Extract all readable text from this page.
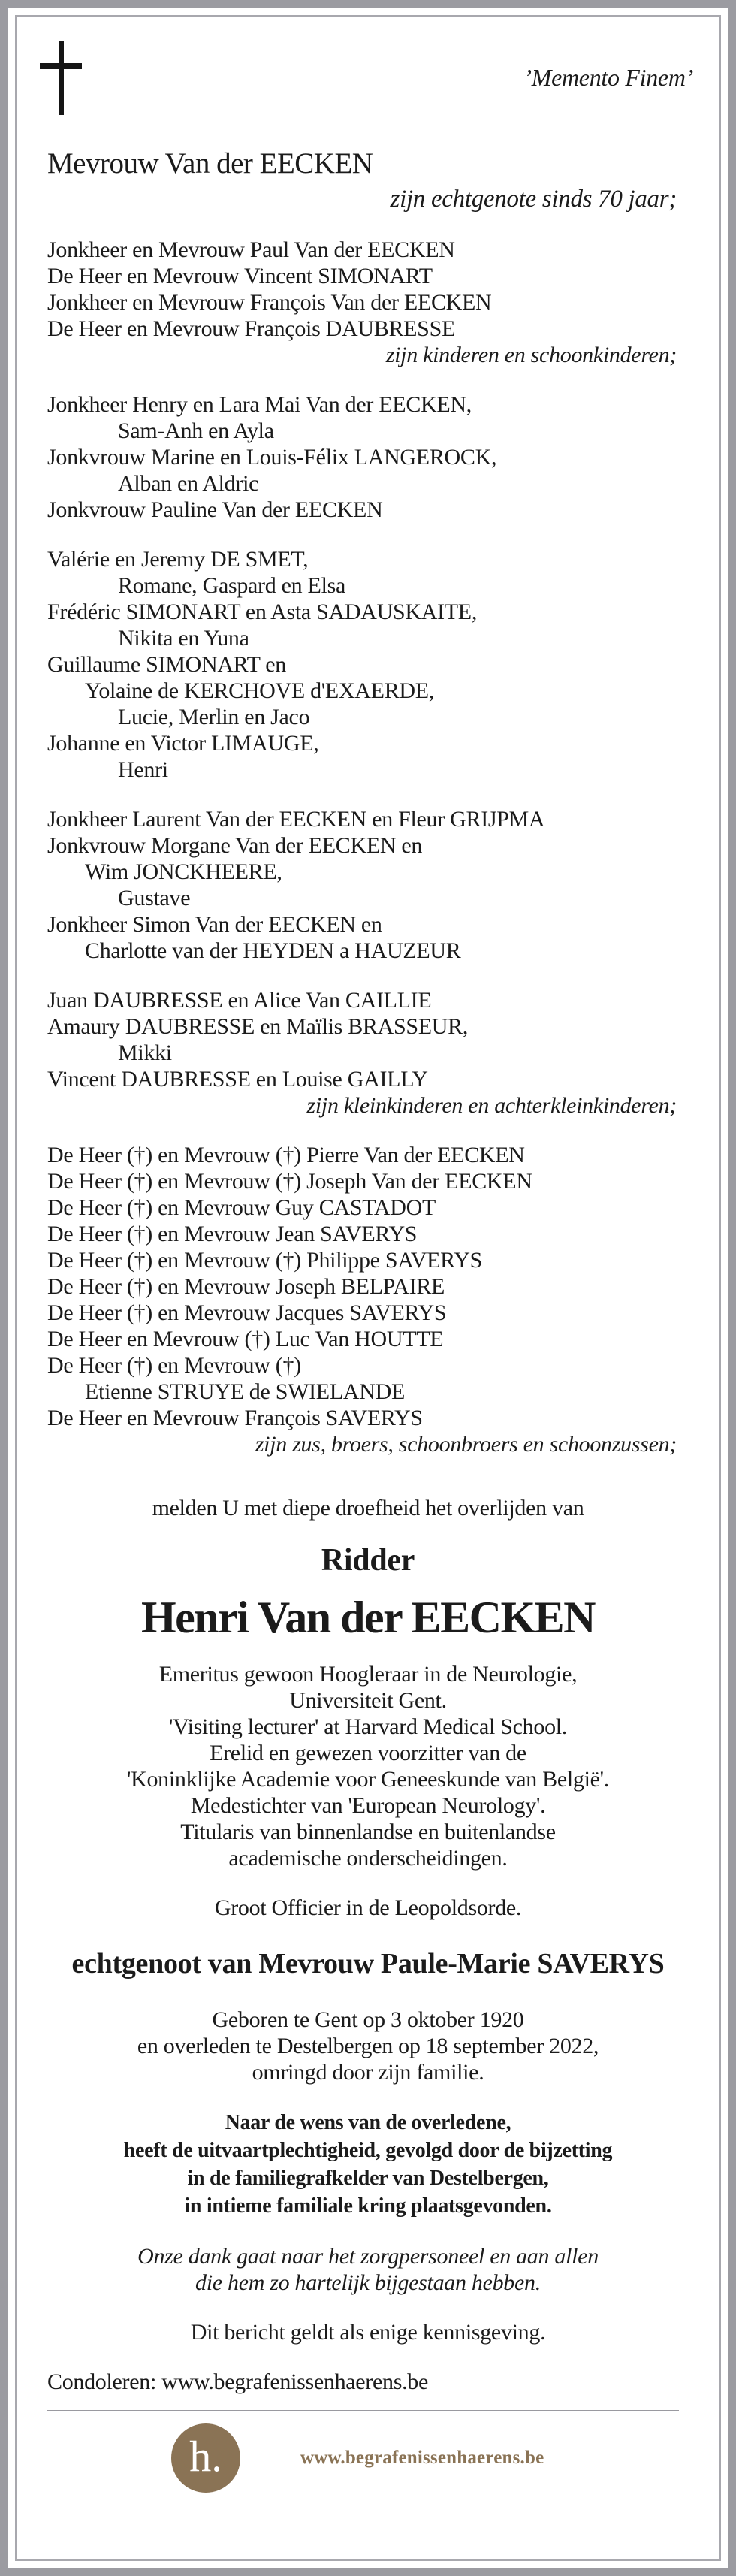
’Memento Finem’
Mevrouw Van der EECKEN
zijn echtgenote sinds 70 jaar;
Jonkheer en Mevrouw Paul Van der EECKEN
De Heer en Mevrouw Vincent SIMONART
Jonkheer en Mevrouw François Van der EECKEN
De Heer en Mevrouw François DAUBRESSE
zijn kinderen en schoonkinderen;
Jonkheer Henry en Lara Mai Van der EECKEN,
Sam-Anh en Ayla
Jonkvrouw Marine en Louis-Félix LANGEROCK,
Alban en Aldric
Jonkvrouw Pauline Van der EECKEN
Valérie en Jeremy DE SMET,
Romane, Gaspard en Elsa
Frédéric SIMONART en Asta SADAUSKAITE,
Nikita en Yuna
Guillaume SIMONART en
Yolaine de KERCHOVE d'EXAERDE,
Lucie, Merlin en Jaco
Johanne en Victor LIMAUGE,
Henri
Jonkheer Laurent Van der EECKEN en Fleur GRIJPMA
Jonkvrouw Morgane Van der EECKEN en
Wim JONCKHEERE,
Gustave
Jonkheer Simon Van der EECKEN en
Charlotte van der HEYDEN a HAUZEUR
Juan DAUBRESSE en Alice Van CAILLIE
Amaury DAUBRESSE en Maïlis BRASSEUR,
Mikki
Vincent DAUBRESSE en Louise GAILLY
zijn kleinkinderen en achterkleinkinderen;
De Heer (†) en Mevrouw (†) Pierre Van der EECKEN
De Heer (†) en Mevrouw (†) Joseph Van der EECKEN
De Heer (†) en Mevrouw Guy CASTADOT
De Heer (†) en Mevrouw Jean SAVERYS
De Heer (†) en Mevrouw (†) Philippe SAVERYS
De Heer (†) en Mevrouw Joseph BELPAIRE
De Heer (†) en Mevrouw Jacques SAVERYS
De Heer en Mevrouw (†) Luc Van HOUTTE
De Heer (†) en Mevrouw (†)
Etienne STRUYE de SWIELANDE
De Heer en Mevrouw François SAVERYS
zijn zus, broers, schoonbroers en schoonzussen;
melden U met diepe droefheid het overlijden van
Ridder
Henri Van der EECKEN
Emeritus gewoon Hoogleraar in de Neurologie,
Universiteit Gent.
'Visiting lecturer' at Harvard Medical School.
Erelid en gewezen voorzitter van de
'Koninklijke Academie voor Geneeskunde van België'.
Medestichter van 'European Neurology'.
Titularis van binnenlandse en buitenlandse
academische onderscheidingen.
Groot Officier in de Leopoldsorde.
echtgenoot van Mevrouw Paule-Marie SAVERYS
Geboren te Gent op 3 oktober 1920
en overleden te Destelbergen op 18 september 2022,
omringd door zijn familie.
Naar de wens van de overledene,
heeft de uitvaartplechtigheid, gevolgd door de bijzetting
in de familiegrafkelder van Destelbergen,
in intieme familiale kring plaatsgevonden.
Onze dank gaat naar het zorgpersoneel en aan allen
die hem zo hartelijk bijgestaan hebben.
Dit bericht geldt als enige kennisgeving.
Condoleren: www.begrafenissenhaerens.be
h.	www.begrafenissenhaerens.be
